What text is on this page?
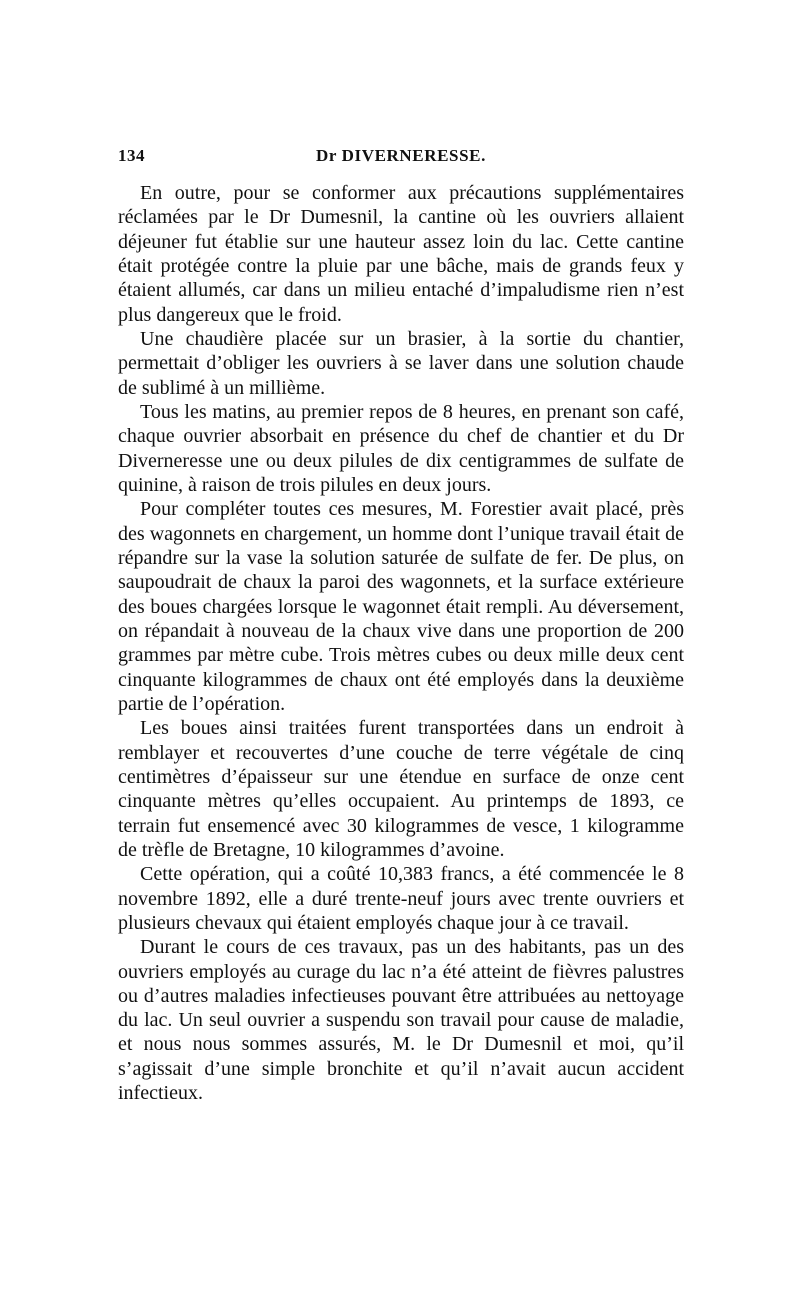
134	Dr DIVERNERESSE.

En outre, pour se conformer aux précautions supplémentaires réclamées par le Dr Dumesnil, la cantine où les ouvriers allaient déjeuner fut établie sur une hauteur assez loin du lac. Cette cantine était protégée contre la pluie par une bâche, mais de grands feux y étaient allumés, car dans un milieu entaché d’impaludisme rien n’est plus dangereux que le froid.

Une chaudière placée sur un brasier, à la sortie du chantier, permettait d’obliger les ouvriers à se laver dans une solution chaude de sublimé à un millième.

Tous les matins, au premier repos de 8 heures, en prenant son café, chaque ouvrier absorbait en présence du chef de chantier et du Dr Diverneresse une ou deux pilules de dix centigrammes de sulfate de quinine, à raison de trois pilules en deux jours.

Pour compléter toutes ces mesures, M. Forestier avait placé, près des wagonnets en chargement, un homme dont l’unique travail était de répandre sur la vase la solution saturée de sulfate de fer. De plus, on saupoudrait de chaux la paroi des wagonnets, et la surface extérieure des boues chargées lorsque le wagonnet était rempli. Au déversement, on répandait à nouveau de la chaux vive dans une proportion de 200 grammes par mètre cube. Trois mètres cubes ou deux mille deux cent cinquante kilogrammes de chaux ont été employés dans la deuxième partie de l’opération.

Les boues ainsi traitées furent transportées dans un endroit à remblayer et recouvertes d’une couche de terre végétale de cinq centimètres d’épaisseur sur une étendue en surface de onze cent cinquante mètres qu’elles occupaient. Au printemps de 1893, ce terrain fut ensemencé avec 30 kilogrammes de vesce, 1 kilogramme de trèfle de Bretagne, 10 kilogrammes d’avoine.

Cette opération, qui a coûté 10,383 francs, a été commencée le 8 novembre 1892, elle a duré trente-neuf jours avec trente ouvriers et plusieurs chevaux qui étaient employés chaque jour à ce travail.

Durant le cours de ces travaux, pas un des habitants, pas un des ouvriers employés au curage du lac n’a été atteint de fièvres palustres ou d’autres maladies infectieuses pouvant être attribuées au nettoyage du lac. Un seul ouvrier a suspendu son travail pour cause de maladie, et nous nous sommes assurés, M. le Dr Dumesnil et moi, qu’il s’agissait d’une simple bronchite et qu’il n’avait aucun accident infectieux.
